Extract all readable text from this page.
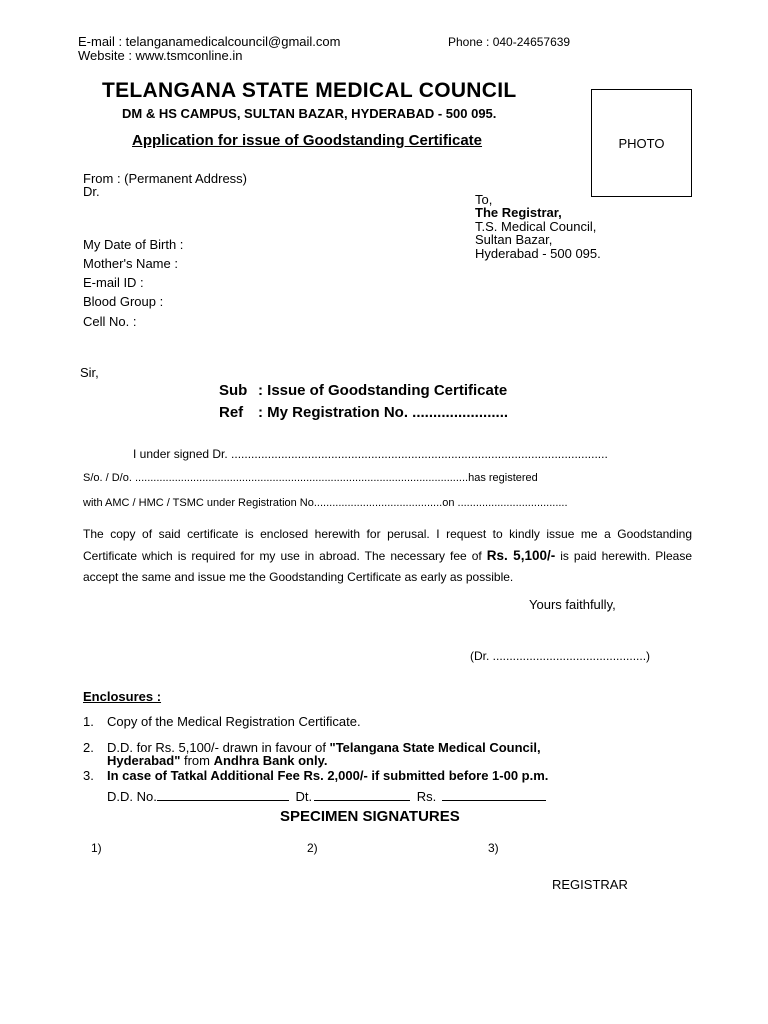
E-mail : telanganamedicalcouncil@gmail.com
Website : www.tsmconline.in
Phone : 040-24657639
TELANGANA STATE MEDICAL COUNCIL
DM & HS CAMPUS, SULTAN BAZAR, HYDERABAD - 500 095.
Application for issue of Goodstanding Certificate	PHOTO
From : (Permanent Address)
Dr.
My Date of Birth :
Mother's Name :
E-mail ID :
Blood Group :
Cell No. :
To,
The Registrar,
T.S. Medical Council,
Sultan Bazar,
Hyderabad - 500 095.
Sir,
Sub : Issue of Goodstanding Certificate
Ref : My Registration No. .......................
I under signed Dr. .................................................................................................................
S/o. / D/o. .............................................................................................................has registered
with AMC / HMC / TSMC under Registration No..........................................on ....................................
The copy of said certificate is enclosed herewith for perusal. I request to kindly issue me a Goodstanding Certificate which is required for my use in abroad. The necessary fee of Rs. 5,100/- is paid herewith. Please accept the same and issue me the Goodstanding Certificate as early as possible.
Yours faithfully,
(Dr. ..............................................)
Enclosures :
1. Copy of the Medical Registration Certificate.
2. D.D. for Rs. 5,100/- drawn in favour of "Telangana State Medical Council,
Hyderabad" from Andhra Bank only.
3. In case of Tatkal Additional Fee Rs. 2,000/- if submitted before 1-00 p.m.
D.D. No.	Dt.	Rs.
SPECIMEN SIGNATURES
1)	2)	3)
REGISTRAR
